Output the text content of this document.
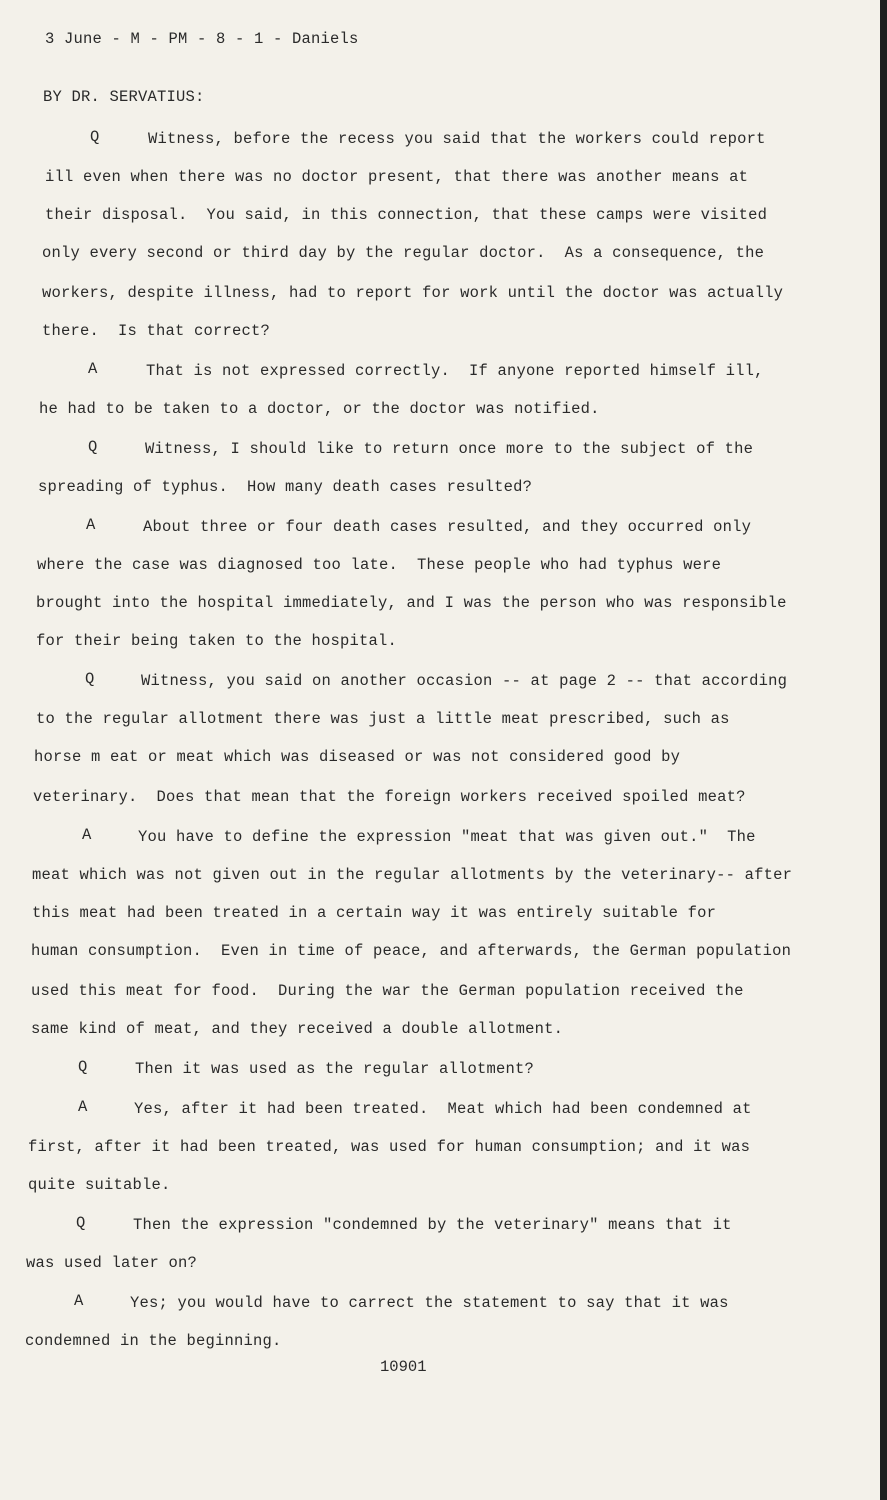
3 June - M - PM - 8 - 1 - Daniels
BY DR. SERVATIUS:
Q	Witness, before the recess you said that the workers could report
ill even when there was no doctor present, that there was another means at
their disposal.  You said, in this connection, that these camps were visited
only every second or third day by the regular doctor.  As a consequence, the
workers, despite illness, had to report for work until the doctor was actually
there.  Is that correct?
A	That is not expressed correctly.  If anyone reported himself ill,
he had to be taken to a doctor, or the doctor was notified.
Q	Witness, I should like to return once more to the subject of the
spreading of typhus.  How many death cases resulted?
A	About three or four death cases resulted, and they occurred only
where the case was diagnosed too late.  These people who had typhus were
brought into the hospital immediately, and I was the person who was responsible
for their being taken to the hospital.
Q	Witness, you said on another occasion -- at page 2 -- that according
to the regular allotment there was just a little meat prescribed, such as
horse m eat or meat which was diseased or was not considered good by
veterinary.  Does that mean that the foreign workers received spoiled meat?
A	You have to define the expression "meat that was given out."  The
meat which was not given out in the regular allotments by the veterinary-- after
this meat had been treated in a certain way it was entirely suitable for
human consumption.  Even in time of peace, and afterwards, the German population
used this meat for food.  During the war the German population received the
same kind of meat, and they received a double allotment.
Q	Then it was used as the regular allotment?
A	Yes, after it had been treated.  Meat which had been condemned at
first, after it had been treated, was used for human consumption; and it was
quite suitable.
Q	Then the expression "condemned by the veterinary" means that it
was used later on?
A	Yes; you would have to carrect the statement to say that it was
condemned in the beginning.
10901
